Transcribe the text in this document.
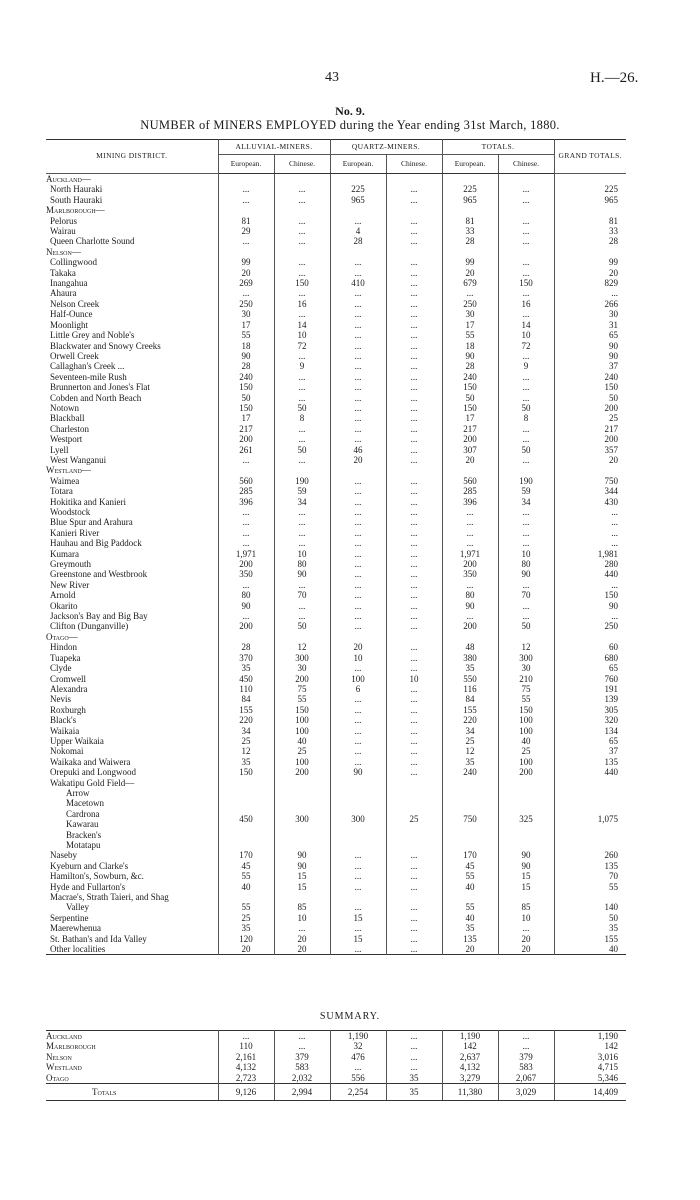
43	H.—26.
No. 9.
NUMBER of MINERS EMPLOYED during the Year ending 31st March, 1880.
MINING DISTRICT.	ALLUVIAL-MINERS.		QUARTZ-MINERS.		TOTALS.		GRAND TOTALS.
	European.	Chinese.	European.	Chinese.	European.	Chinese.	
Auckland—							
North Hauraki	...	...	225	...	225	...	225
South Hauraki	...	...	965	...	965	...	965
Marlborough—							
Pelorus	81	...	...	...	81	...	81
Wairau	29	...	4	...	33	...	33
Queen Charlotte Sound	...	...	28	...	28	...	28
Nelson—							
Collingwood	99	...	...	...	99	...	99
Takaka	20	...	...	...	20	...	20
Inangahua	269	150	410	...	679	150	829
Ahaura	...	...	...	...	...	...	...
Nelson Creek	250	16	...	...	250	16	266
Half-Ounce	30	...	...	...	30	...	30
Moonlight	17	14	...	...	17	14	31
Little Grey and Noble's	55	10	...	...	55	10	65
Blackwater and Snowy Creeks	18	72	...	...	18	72	90
Orwell Creek	90	...	...	...	90	...	90
Callaghan's Creek ...	28	9	...	...	28	9	37
Seventeen-mile Rush	240	...	...	...	240	...	240
Brunnerton and Jones's Flat	150	...	...	...	150	...	150
Cobden and North Beach	50	...	...	...	50	...	50
Notown	150	50	...	...	150	50	200
Blackball	17	8	...	...	17	8	25
Charleston	217	...	...	...	217	...	217
Westport	200	...	...	...	200	...	200
Lyell	261	50	46	...	307	50	357
West Wanganui	...	...	20	...	20	...	20
Westland—							
Waimea	560	190	...	...	560	190	750
Totara	285	59	...	...	285	59	344
Hokitika and Kanieri	396	34	...	...	396	34	430
Woodstock	...	...	...	...	...	...	...
Blue Spur and Arahura	...	...	...	...	...	...	...
Kanieri River	...	...	...	...	...	...	...
Hauhau and Big Paddock	...	...	...	...	...	...	...
Kumara	1,971	10	...	...	1,971	10	1,981
Greymouth	200	80	...	...	200	80	280
Greenstone and Westbrook	350	90	...	...	350	90	440
New River	...	...	...	...	...	...	...
Arnold	80	70	...	...	80	70	150
Okarito	90	...	...	...	90	...	90
Jackson's Bay and Big Bay	...	...	...	...	...	...	...
Clifton (Dunganville)	200	50	...	...	200	50	250
Otago—							
Hindon	28	12	20	...	48	12	60
Tuapeka	370	300	10	...	380	300	680
Clyde	35	30	...	...	35	30	65
Cromwell	450	200	100	10	550	210	760
Alexandra	110	75	6	...	116	75	191
Nevis	84	55	...	...	84	55	139
Roxburgh	155	150	...	...	155	150	305
Black's	220	100	...	...	220	100	320
Waikaia	34	100	...	...	34	100	134
Upper Waikaia	25	40	...	...	25	40	65
Nokomai	12	25	...	...	12	25	37
Waikaka and Waiwera	35	100	...	...	35	100	135
Orepuki and Longwood	150	200	90	...	240	200	440
Wakatipu Gold Field—							
Arrow	450	300	300	25	750	325	1,075
Macetown							
Cardrona							
Kawarau							
Bracken's							
Motatapu							
Naseby	170	90	...	...	170	90	260
Kyeburn and Clarke's	45	90	...	...	45	90	135
Hamilton's, Sowburn, &c.	55	15	...	...	55	15	70
Hyde and Fullarton's	40	15	...	...	40	15	55
Macrae's, Strath Taieri, and Shag							
Valley	55	85	...	...	55	85	140
Serpentine	25	10	15	...	40	10	50
Maerewhenua	35	...	...	...	35	...	35
St. Bathan's and Ida Valley	120	20	15	...	135	20	155
Other localities	20	20	...	...	20	20	40
SUMMARY.
Auckland	...	...	1,190	...	1,190	...	1,190
Marlborough	110	...	32	...	142	...	142
Nelson	2,161	379	476	...	2,637	379	3,016
Westland	4,132	583	...	...	4,132	583	4,715
Otago	2,723	2,032	556	35	3,279	2,067	5,346
Totals	9,126	2,994	2,254	35	11,380	3,029	14,409
